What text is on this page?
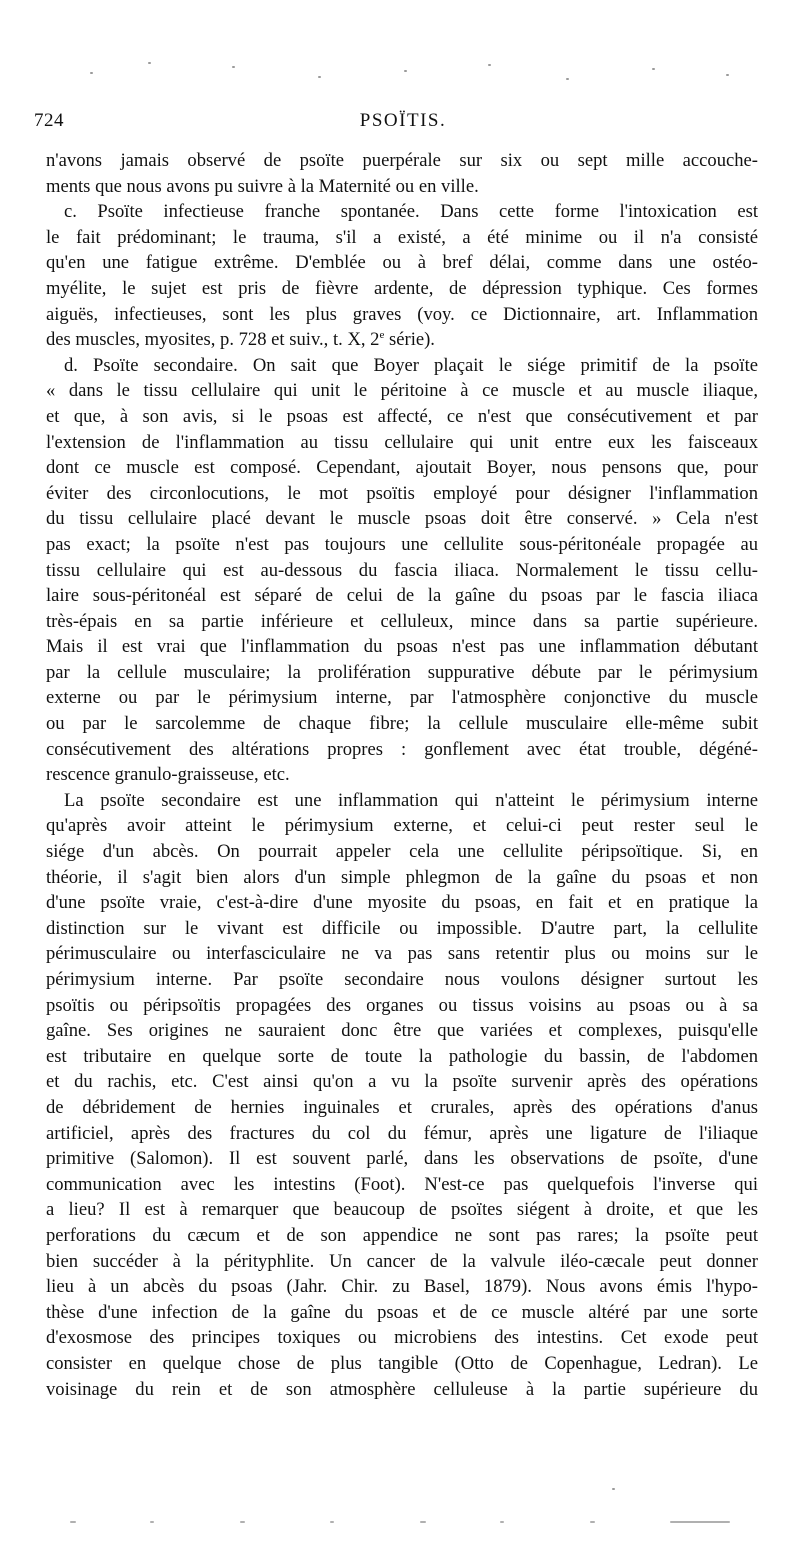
724	PSOÏTIS.
n'avons jamais observé de psoïte puerpérale sur six ou sept mille accouche-
ments que nous avons pu suivre à la Maternité ou en ville.
c. Psoïte infectieuse franche spontanée. Dans cette forme l'intoxication est
le fait prédominant; le trauma, s'il a existé, a été minime ou il n'a consisté
qu'en une fatigue extrême. D'emblée ou à bref délai, comme dans une ostéo-
myélite, le sujet est pris de fièvre ardente, de dépression typhique. Ces formes
aiguës, infectieuses, sont les plus graves (voy. ce Dictionnaire, art. Inflammation
des muscles, myosites, p. 728 et suiv., t. X, 2e série).
d. Psoïte secondaire. On sait que Boyer plaçait le siége primitif de la psoïte
« dans le tissu cellulaire qui unit le péritoine à ce muscle et au muscle iliaque,
et que, à son avis, si le psoas est affecté, ce n'est que consécutivement et par
l'extension de l'inflammation au tissu cellulaire qui unit entre eux les faisceaux
dont ce muscle est composé. Cependant, ajoutait Boyer, nous pensons que, pour
éviter des circonlocutions, le mot psoïtis employé pour désigner l'inflammation
du tissu cellulaire placé devant le muscle psoas doit être conservé. » Cela n'est
pas exact; la psoïte n'est pas toujours une cellulite sous-péritonéale propagée au
tissu cellulaire qui est au-dessous du fascia iliaca. Normalement le tissu cellu-
laire sous-péritonéal est séparé de celui de la gaîne du psoas par le fascia iliaca
très-épais en sa partie inférieure et celluleux, mince dans sa partie supérieure.
Mais il est vrai que l'inflammation du psoas n'est pas une inflammation débutant
par la cellule musculaire; la prolifération suppurative débute par le périmysium
externe ou par le périmysium interne, par l'atmosphère conjonctive du muscle
ou par le sarcolemme de chaque fibre; la cellule musculaire elle-même subit
consécutivement des altérations propres : gonflement avec état trouble, dégéné-
rescence granulo-graisseuse, etc.
La psoïte secondaire est une inflammation qui n'atteint le périmysium interne
qu'après avoir atteint le périmysium externe, et celui-ci peut rester seul le
siége d'un abcès. On pourrait appeler cela une cellulite péripsoïtique. Si, en
théorie, il s'agit bien alors d'un simple phlegmon de la gaîne du psoas et non
d'une psoïte vraie, c'est-à-dire d'une myosite du psoas, en fait et en pratique la
distinction sur le vivant est difficile ou impossible. D'autre part, la cellulite
périmusculaire ou interfasciculaire ne va pas sans retentir plus ou moins sur le
périmysium interne. Par psoïte secondaire nous voulons désigner surtout les
psoïtis ou péripsoïtis propagées des organes ou tissus voisins au psoas ou à sa
gaîne. Ses origines ne sauraient donc être que variées et complexes, puisqu'elle
est tributaire en quelque sorte de toute la pathologie du bassin, de l'abdomen
et du rachis, etc. C'est ainsi qu'on a vu la psoïte survenir après des opérations
de débridement de hernies inguinales et crurales, après des opérations d'anus
artificiel, après des fractures du col du fémur, après une ligature de l'iliaque
primitive (Salomon). Il est souvent parlé, dans les observations de psoïte, d'une
communication avec les intestins (Foot). N'est-ce pas quelquefois l'inverse qui
a lieu? Il est à remarquer que beaucoup de psoïtes siégent à droite, et que les
perforations du cæcum et de son appendice ne sont pas rares; la psoïte peut
bien succéder à la pérityphlite. Un cancer de la valvule iléo-cæcale peut donner
lieu à un abcès du psoas (Jahr. Chir. zu Basel, 1879). Nous avons émis l'hypo-
thèse d'une infection de la gaîne du psoas et de ce muscle altéré par une sorte
d'exosmose des principes toxiques ou microbiens des intestins. Cet exode peut
consister en quelque chose de plus tangible (Otto de Copenhague, Ledran). Le
voisinage du rein et de son atmosphère celluleuse à la partie supérieure du
